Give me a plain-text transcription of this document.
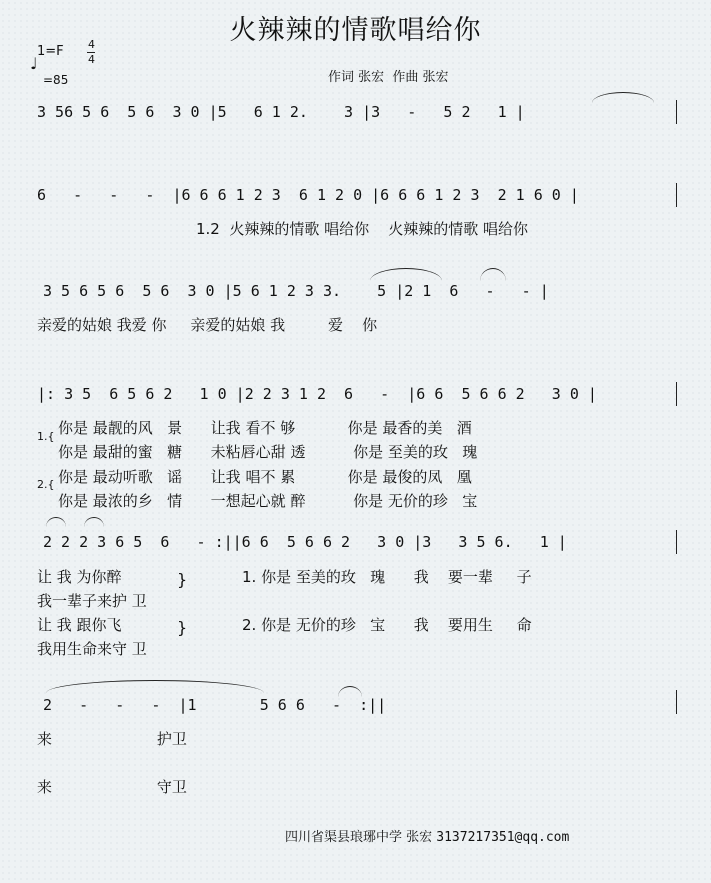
火辣辣的情歌唱给你
1=F 4
4
♩
=85	作词 张宏  作曲 张宏
3 56 5 6  5 6  3 0 |5   6 1 2.    3 |3   -   5 2   1 |
6   -   -   -  |6 6 6 1 2 3  6 1 2 0 |6 6 6 1 2 3  2 1 6 0 |
1.2  火辣辣的情歌 唱给你    火辣辣的情歌 唱给你
3 5 6 5 6  5 6  3 0 |5 6 1 2 3 3.    5 |2 1  6   -   - |
亲爱的姑娘 我爱 你     亲爱的姑娘 我         爱    你
|: 3 5  6 5 6 2   1 0 |2 2 3 1 2  6   -  |6 6  5 6 6 2   3 0 |
1.{
2.{
你是 最靓的风   景      让我 看不 够           你是 最香的美   酒
你是 最甜的蜜   糖      未粘唇心甜 透          你是 至美的玫   瑰
你是 最动听歌   谣      让我 唱不 累           你是 最俊的凤   凰
你是 最浓的乡   情      一想起心就 醉          你是 无价的珍   宝
2 2 2 3 6 5  6   - :||6 6  5 6 6 2   3 0 |3   3 5 6.   1 |
让 我 为你醉
我一辈子来护 卫
让 我 跟你飞
我用生命来守 卫
}
}
1. 你是 至美的玫   瑰      我    要一辈     子
2. 你是 无价的珍   宝      我    要用生     命
2   -   -   -  |1       5 6 6   -  :||
来                      护卫
来                      守卫
四川省渠县琅琊中学 张宏 3137217351@qq.com
